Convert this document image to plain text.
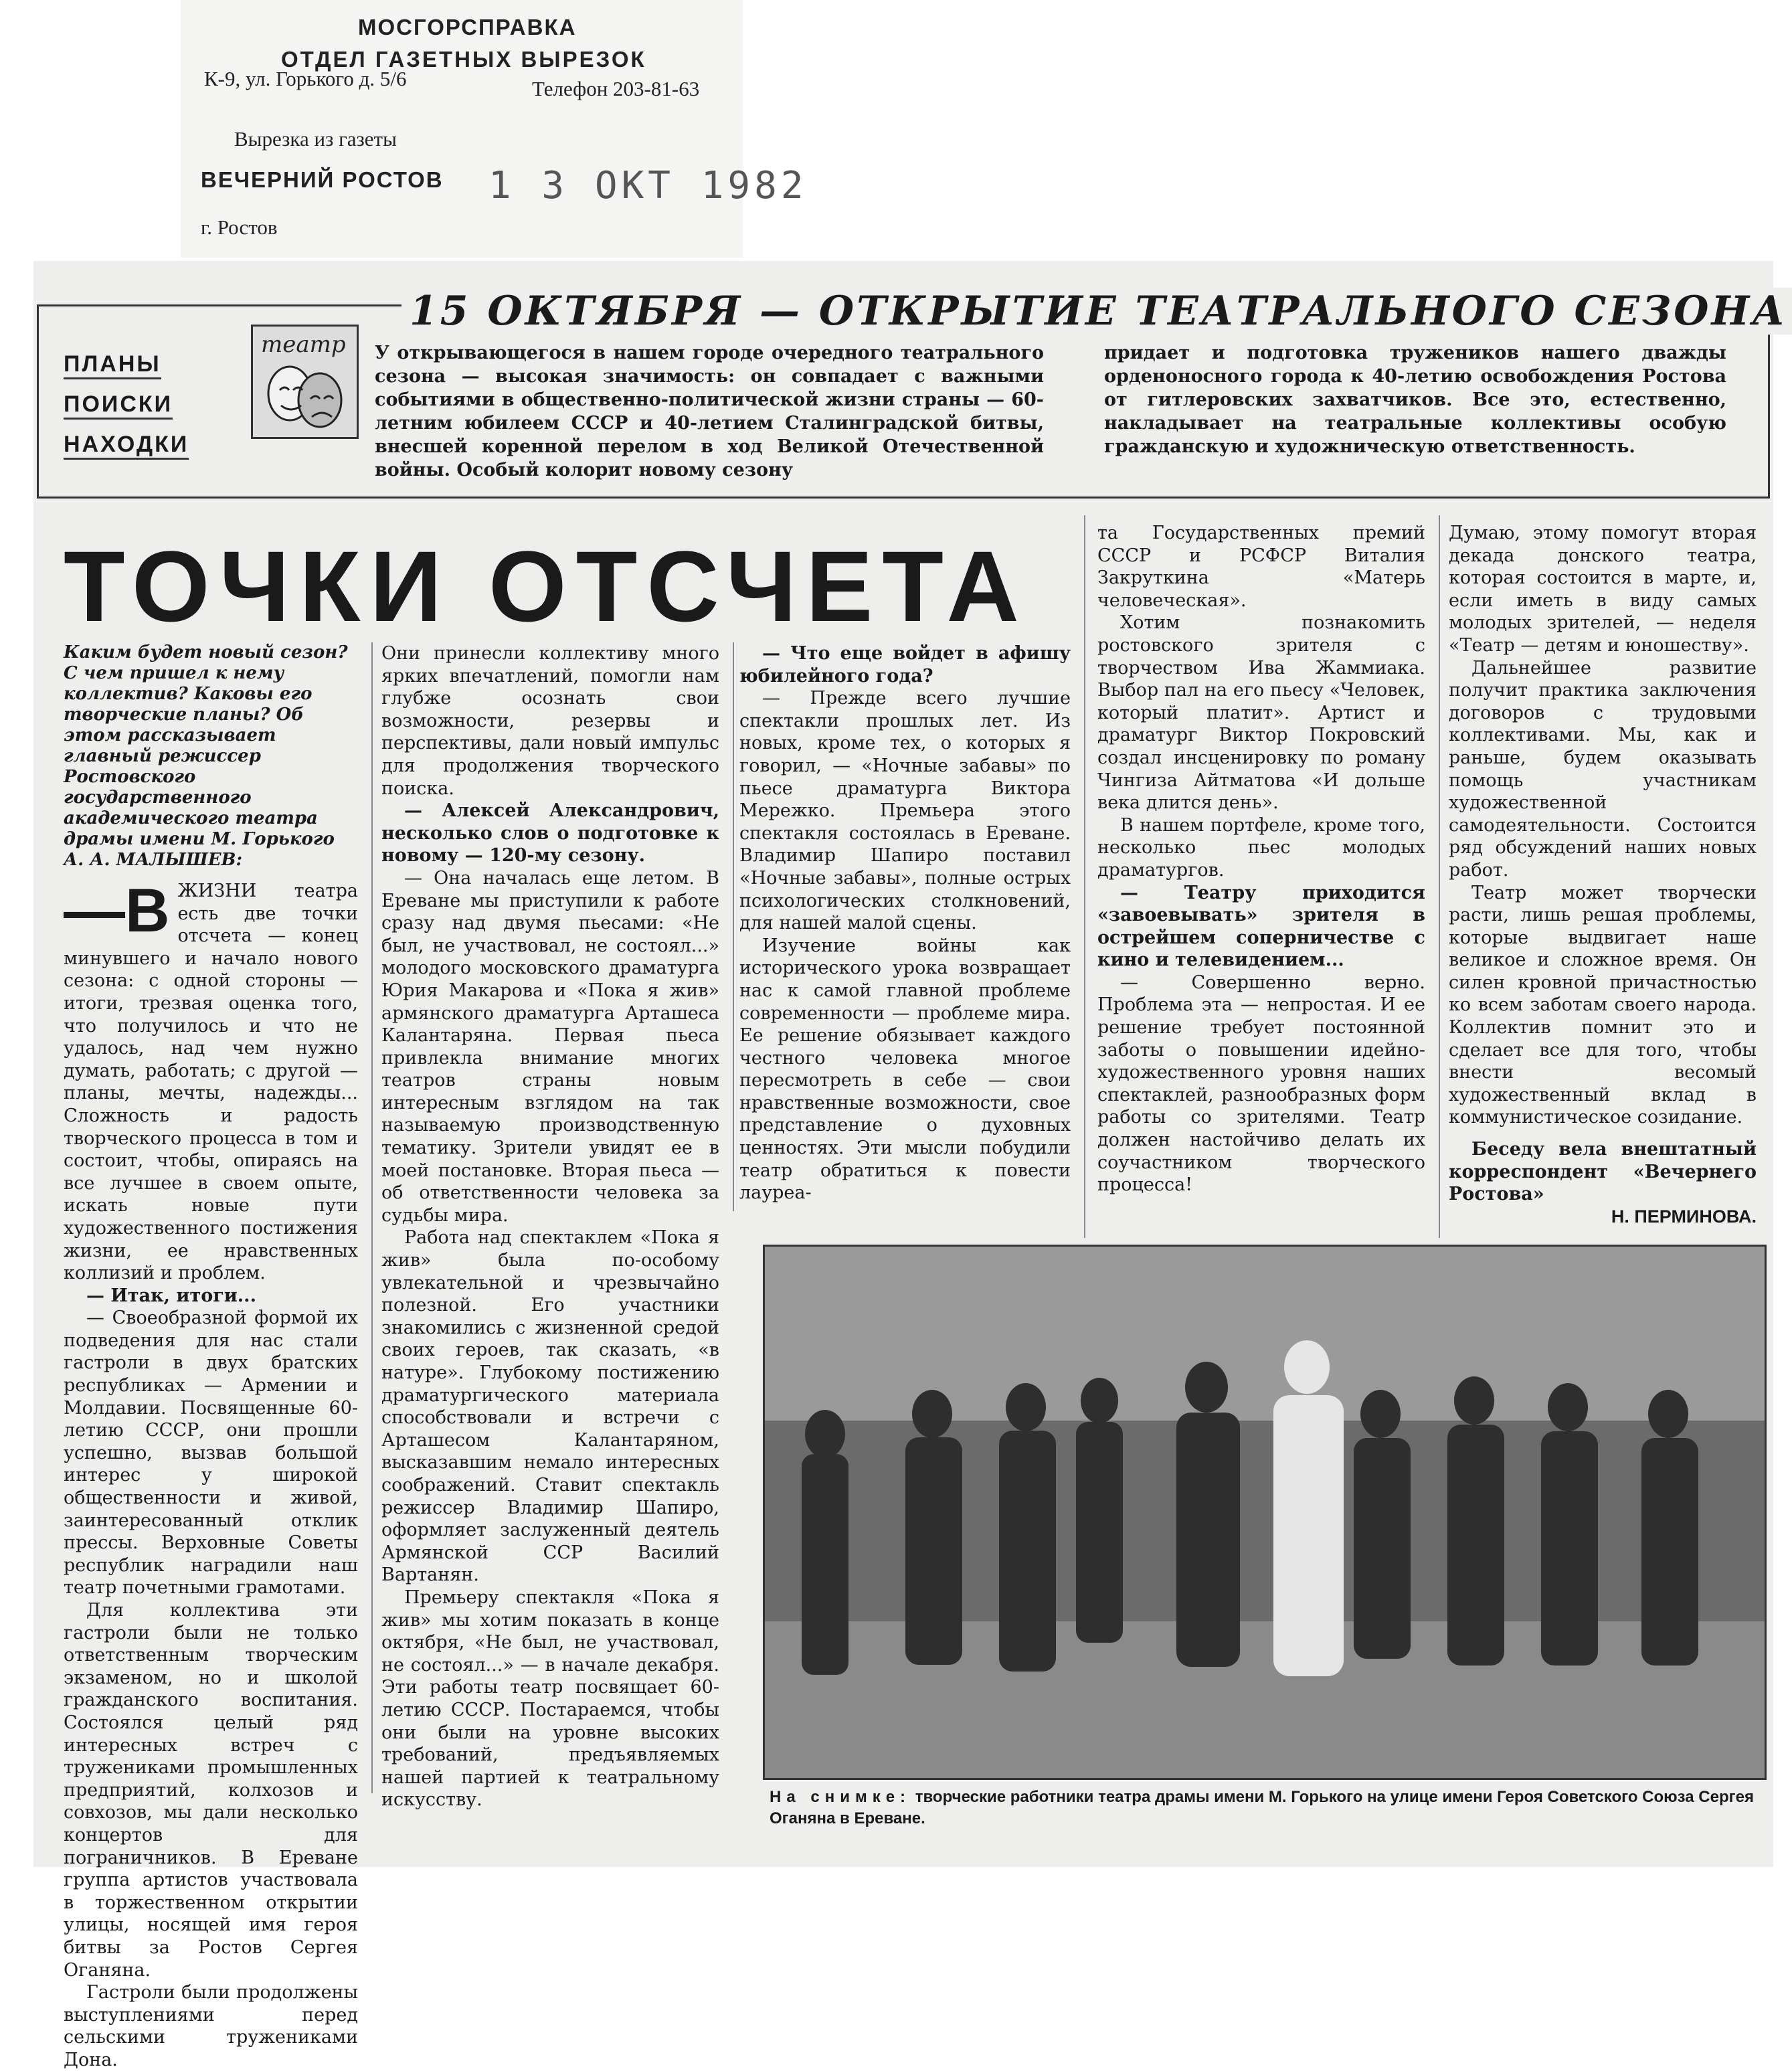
МОСГОРСПРАВКА
ОТДЕЛ ГАЗЕТНЫХ ВЫРЕЗОК
К-9, ул. Горького д. 5/6	Телефон 203-81-63
Вырезка из газеты
ВЕЧЕРНИЙ РОСТОВ 1 3 ОКТ 1982
г. Ростов
15 ОКТЯБРЯ — ОТКРЫТИЕ ТЕАТРАЛЬНОГО СЕЗОНА
ПЛАНЫ
ПОИСКИ
НАХОДКИ
театр У открывающегося в нашем городе очередного театрального сезона — высокая значимость: он совпадает с важными событиями в общественно-политической жизни страны — 60-летним юбилеем СССР и 40-летием Сталинградской битвы, внесшей коренной перелом в ход Великой Отечественной войны. Особый колорит новому сезону
придает и подготовка тружеников нашего дважды орденоносного города к 40-летию освобождения Ростова от гитлеровских захватчиков. Все это, естественно, накладывает на театральные коллективы особую гражданскую и художническую ответственность.
ТОЧКИ ОТСЧЕТА
Каким будет новый сезон? С чем пришел к нему коллектив? Каковы его творческие планы? Об этом рассказывает главный режиссер Ростовского государственного академического театра драмы имени М. Горького А. А. МАЛЫШЕВ:
—В ЖИЗНИ театра есть две точки отсчета — конец минувшего и начало нового сезона: с одной стороны — итоги, трезвая оценка того, что получилось и что не удалось, над чем нужно думать, работать; с другой — планы, мечты, надежды... Сложность и радость творческого процесса в том и состоит, чтобы, опираясь на все лучшее в своем опыте, искать новые пути художественного постижения жизни, ее нравственных коллизий и проблем.

— Итак, итоги...

— Своеобразной формой их подведения для нас стали гастроли в двух братских республиках — Армении и Молдавии. Посвященные 60-летию СССР, они прошли успешно, вызвав большой интерес у широкой общественности и живой, заинтересованный отклик прессы. Верховные Советы республик наградили наш театр почетными грамотами.

Для коллектива эти гастроли были не только ответственным творческим экзаменом, но и школой гражданского воспитания. Состоялся целый ряд интересных встреч с тружениками промышленных предприятий, колхозов и совхозов, мы дали несколько концертов для пограничников. В Ереване группа артистов участвовала в торжественном открытии улицы, носящей имя героя битвы за Ростов Сергея Оганяна.

Гастроли были продолжены выступлениями перед сельскими тружениками Дона.

Они принесли коллективу много ярких впечатлений, помогли нам глубже осознать свои возможности, резервы и перспективы, дали новый импульс для продолжения творческого поиска.

— Алексей Александрович, несколько слов о подготовке к новому — 120-му сезону.

— Она началась еще летом. В Ереване мы приступили к работе сразу над двумя пьесами: «Не был, не участвовал, не состоял...» молодого московского драматурга Юрия Макарова и «Пока я жив» армянского драматурга Арташеса Калантаряна. Первая пьеса привлекла внимание многих театров страны новым интересным взглядом на так называемую производственную тематику. Зрители увидят ее в моей постановке. Вторая пьеса — об ответственности человека за судьбы мира.

Работа над спектаклем «Пока я жив» была по-особому увлекательной и чрезвычайно полезной. Его участники знакомились с жизненной средой своих героев, так сказать, «в натуре». Глубокому постижению драматургического материала способствовали и встречи с Арташесом Калантаряном, высказавшим немало интересных соображений. Ставит спектакль режиссер Владимир Шапиро, оформляет заслуженный деятель Армянской ССР Василий Вартанян.

Премьеру спектакля «Пока я жив» мы хотим показать в конце октября, «Не был, не участвовал, не состоял...» — в начале декабря. Эти работы театр посвящает 60-летию СССР. Постараемся, чтобы они были на уровне высоких требований, предъявляемых нашей партией к театральному искусству.

— Что еще войдет в афишу юбилейного года?

— Прежде всего лучшие спектакли прошлых лет. Из новых, кроме тех, о которых я говорил, — «Ночные забавы» по пьесе драматурга Виктора Мережко. Премьера этого спектакля состоялась в Ереване. Владимир Шапиро поставил «Ночные забавы», полные острых психологических столкновений, для нашей малой сцены.

Изучение войны как исторического урока возвращает нас к самой главной проблеме современности — проблеме мира. Ее решение обязывает каждого честного человека многое пересмотреть в себе — свои нравственные возможности, свое представление о духовных ценностях. Эти мысли побудили театр обратиться к повести лауреа-

та Государственных премий СССР и РСФСР Виталия Закруткина «Матерь человеческая».

Хотим познакомить ростовского зрителя с творчеством Ива Жаммиака. Выбор пал на его пьесу «Человек, который платит». Артист и драматург Виктор Покровский создал инсценировку по роману Чингиза Айтматова «И дольше века длится день».

В нашем портфеле, кроме того, несколько пьес молодых драматургов.

— Театру приходится «завоевывать» зрителя в острейшем соперничестве с кино и телевидением...

— Совершенно верно. Проблема эта — непростая. И ее решение требует постоянной заботы о повышении идейно-художественного уровня наших спектаклей, разнообразных форм работы со зрителями. Театр должен настойчиво делать их соучастником творческого процесса!

Думаю, этому помогут вторая декада донского театра, которая состоится в марте, и, если иметь в виду самых молодых зрителей, — неделя «Театр — детям и юношеству».

Дальнейшее развитие получит практика заключения договоров с трудовыми коллективами. Мы, как и раньше, будем оказывать помощь участникам художественной самодеятельности. Состоится ряд обсуждений наших новых работ.

Театр может творчески расти, лишь решая проблемы, которые выдвигает наше великое и сложное время. Он силен кровной причастностью ко всем заботам своего народа. Коллектив помнит это и сделает все для того, чтобы внести весомый художественный вклад в коммунистическое созидание.

Беседу вела внештатный корреспондент «Вечернего Ростова»

Н. ПЕРМИНОВА.

На снимке: творческие работники театра драмы имени М. Горького на улице имени Героя Советского Союза Сергея Оганяна в Ереване.
